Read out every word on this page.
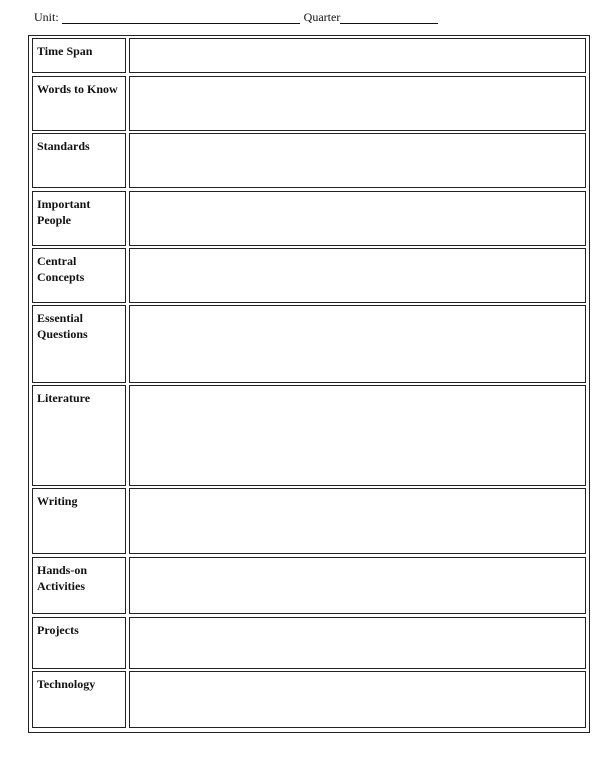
Unit:	Quarter
Time Span
Words to Know
Standards
Important People
Central Concepts
Essential Questions
Literature
Writing
Hands-on Activities
Projects
Technology
